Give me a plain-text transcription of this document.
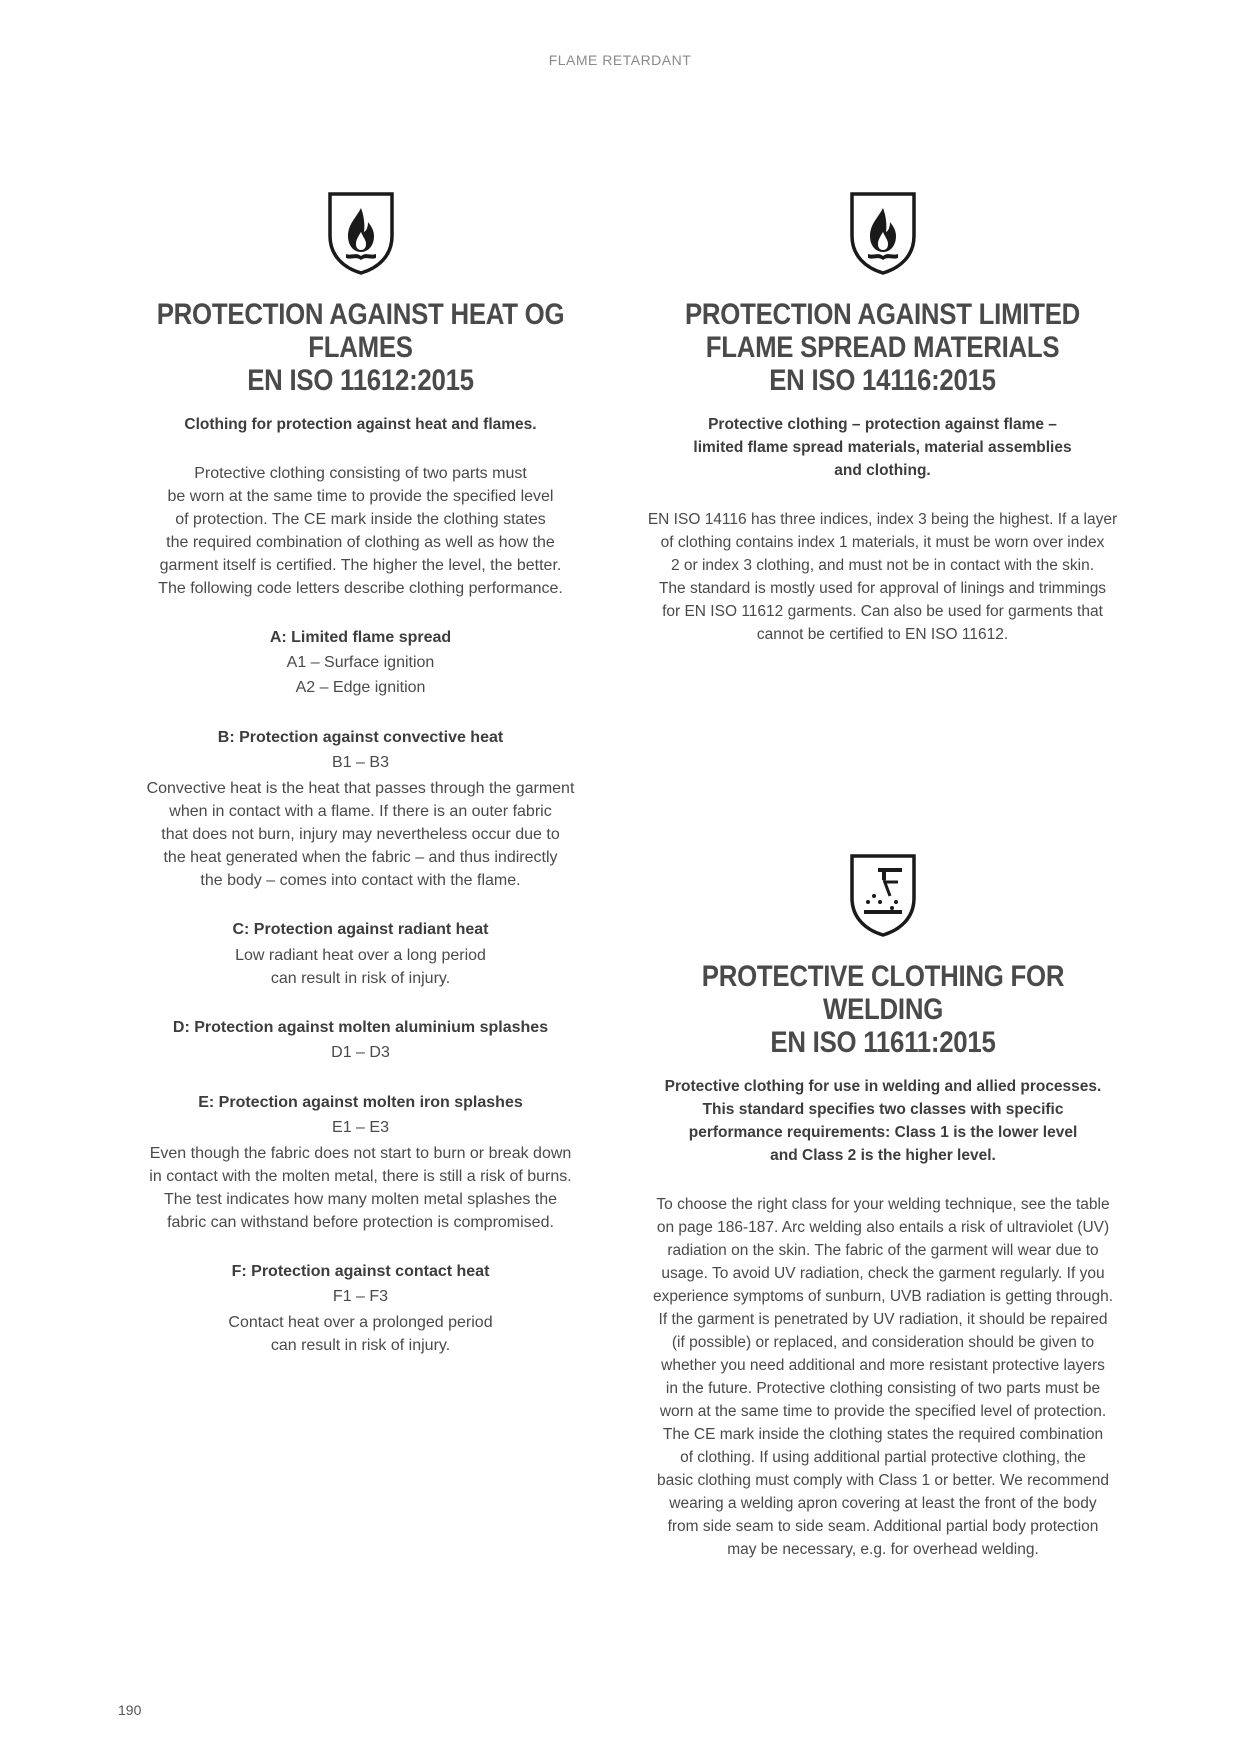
FLAME RETARDANT
PROTECTION AGAINST HEAT OG FLAMES
EN ISO 11612:2015

Clothing for protection against heat and flames.

Protective clothing consisting of two parts must
be worn at the same time to provide the specified level
of protection. The CE mark inside the clothing states
the required combination of clothing as well as how the
garment itself is certified. The higher the level, the better.
The following code letters describe clothing performance.

A: Limited flame spread

A1 – Surface ignition

A2 – Edge ignition

B: Protection against convective heat

B1 – B3

Convective heat is the heat that passes through the garment
when in contact with a flame. If there is an outer fabric
that does not burn, injury may nevertheless occur due to
the heat generated when the fabric – and thus indirectly
the body – comes into contact with the flame.

C: Protection against radiant heat

Low radiant heat over a long period
can result in risk of injury.

D: Protection against molten aluminium splashes

D1 – D3

E: Protection against molten iron splashes

E1 – E3

Even though the fabric does not start to burn or break down
in contact with the molten metal, there is still a risk of burns.
The test indicates how many molten metal splashes the
fabric can withstand before protection is compromised.

F: Protection against contact heat

F1 – F3

Contact heat over a prolonged period
can result in risk of injury.

PROTECTION AGAINST LIMITED
FLAME SPREAD MATERIALS
EN ISO 14116:2015

Protective clothing – protection against flame –
limited flame spread materials, material assemblies
and clothing.

EN ISO 14116 has three indices, index 3 being the highest. If a layer
of clothing contains index 1 materials, it must be worn over index
2 or index 3 clothing, and must not be in contact with the skin.
The standard is mostly used for approval of linings and trimmings
for EN ISO 11612 garments. Can also be used for garments that
cannot be certified to EN ISO 11612.

PROTECTIVE CLOTHING FOR WELDING
EN ISO 11611:2015

Protective clothing for use in welding and allied processes.
This standard specifies two classes with specific
performance requirements: Class 1 is the lower level
and Class 2 is the higher level.

To choose the right class for your welding technique, see the table
on page 186-187. Arc welding also entails a risk of ultraviolet (UV)
radiation on the skin. The fabric of the garment will wear due to
usage. To avoid UV radiation, check the garment regularly. If you
experience symptoms of sunburn, UVB radiation is getting through.
If the garment is penetrated by UV radiation, it should be repaired
(if possible) or replaced, and consideration should be given to
whether you need additional and more resistant protective layers
in the future. Protective clothing consisting of two parts must be
worn at the same time to provide the specified level of protection.
The CE mark inside the clothing states the required combination
of clothing. If using additional partial protective clothing, the
basic clothing must comply with Class 1 or better. We recommend
wearing a welding apron covering at least the front of the body
from side seam to side seam. Additional partial body protection
may be necessary, e.g. for overhead welding.

190
